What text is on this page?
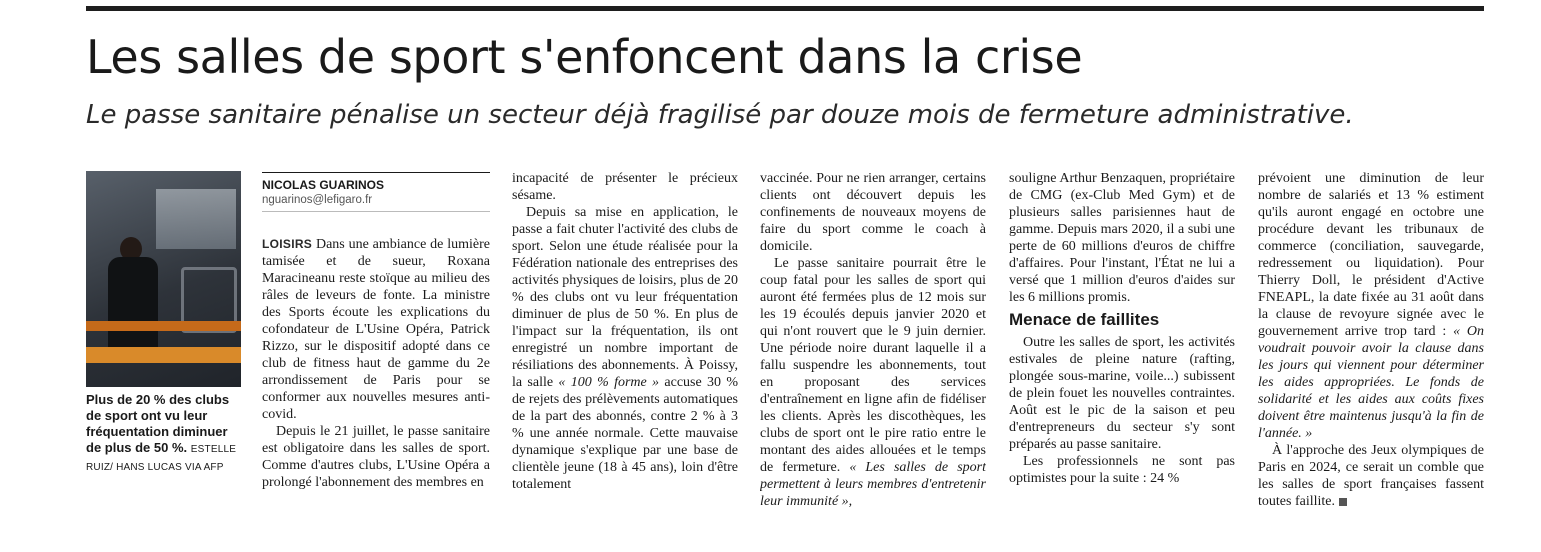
Les salles de sport s'enfoncent dans la crise
Le passe sanitaire pénalise un secteur déjà fragilisé par douze mois de fermeture administrative.
Plus de 20 % des clubs de sport ont vu leur fréquentation diminuer de plus de 50 %. ESTELLE RUIZ/ HANS LUCAS VIA AFP
NICOLAS GUARINOS
nguarinos@lefigaro.fr

LOISIRS Dans une ambiance de lumière tamisée et de sueur, Roxana Maracineanu reste stoïque au milieu des râles de leveurs de fonte. La ministre des Sports écoute les explications du cofondateur de L'Usine Opéra, Patrick Rizzo, sur le dispositif adopté dans ce club de fitness haut de gamme du 2e arrondissement de Paris pour se conformer aux nouvelles mesures anti-covid.

Depuis le 21 juillet, le passe sanitaire est obligatoire dans les salles de sport. Comme d'autres clubs, L'Usine Opéra a prolongé l'abonnement des membres en

incapacité de présenter le précieux sésame.

Depuis sa mise en application, le passe a fait chuter l'activité des clubs de sport. Selon une étude réalisée pour la Fédération nationale des entreprises des activités physiques de loisirs, plus de 20 % des clubs ont vu leur fréquentation diminuer de plus de 50 %. En plus de l'impact sur la fréquentation, ils ont enregistré un nombre important de résiliations des abonnements. À Poissy, la salle « 100 % forme » accuse 30 % de rejets des prélèvements automatiques de la part des abonnés, contre 2 % à 3 % une année normale. Cette mauvaise dynamique s'explique par une base de clientèle jeune (18 à 45 ans), loin d'être totalement

vaccinée. Pour ne rien arranger, certains clients ont découvert depuis les confinements de nouveaux moyens de faire du sport comme le coach à domicile.

Le passe sanitaire pourrait être le coup fatal pour les salles de sport qui auront été fermées plus de 12 mois sur les 19 écoulés depuis janvier 2020 et qui n'ont rouvert que le 9 juin dernier. Une période noire durant laquelle il a fallu suspendre les abonnements, tout en proposant des services d'entraînement en ligne afin de fidéliser les clients. Après les discothèques, les clubs de sport ont le pire ratio entre le montant des aides allouées et le temps de fermeture. « Les salles de sport permettent à leurs membres d'entretenir leur immunité »,

souligne Arthur Benzaquen, propriétaire de CMG (ex-Club Med Gym) et de plusieurs salles parisiennes haut de gamme. Depuis mars 2020, il a subi une perte de 60 millions d'euros de chiffre d'affaires. Pour l'instant, l'État ne lui a versé que 1 million d'euros d'aides sur les 6 millions promis.

Menace de faillites

Outre les salles de sport, les activités estivales de pleine nature (rafting, plongée sous-marine, voile...) subissent de plein fouet les nouvelles contraintes. Août est le pic de la saison et peu d'entrepreneurs du secteur s'y sont préparés au passe sanitaire.

Les professionnels ne sont pas optimistes pour la suite : 24 %

prévoient une diminution de leur nombre de salariés et 13 % estiment qu'ils auront engagé en octobre une procédure devant les tribunaux de commerce (conciliation, sauvegarde, redressement ou liquidation). Pour Thierry Doll, le président d'Active FNEAPL, la date fixée au 31 août dans la clause de revoyure signée avec le gouvernement arrive trop tard : « On voudrait pouvoir avoir la clause dans les jours qui viennent pour déterminer les aides appropriées. Le fonds de solidarité et les aides aux coûts fixes doivent être maintenus jusqu'à la fin de l'année. »

À l'approche des Jeux olympiques de Paris en 2024, ce serait un comble que les salles de sport françaises fassent toutes faillite.
